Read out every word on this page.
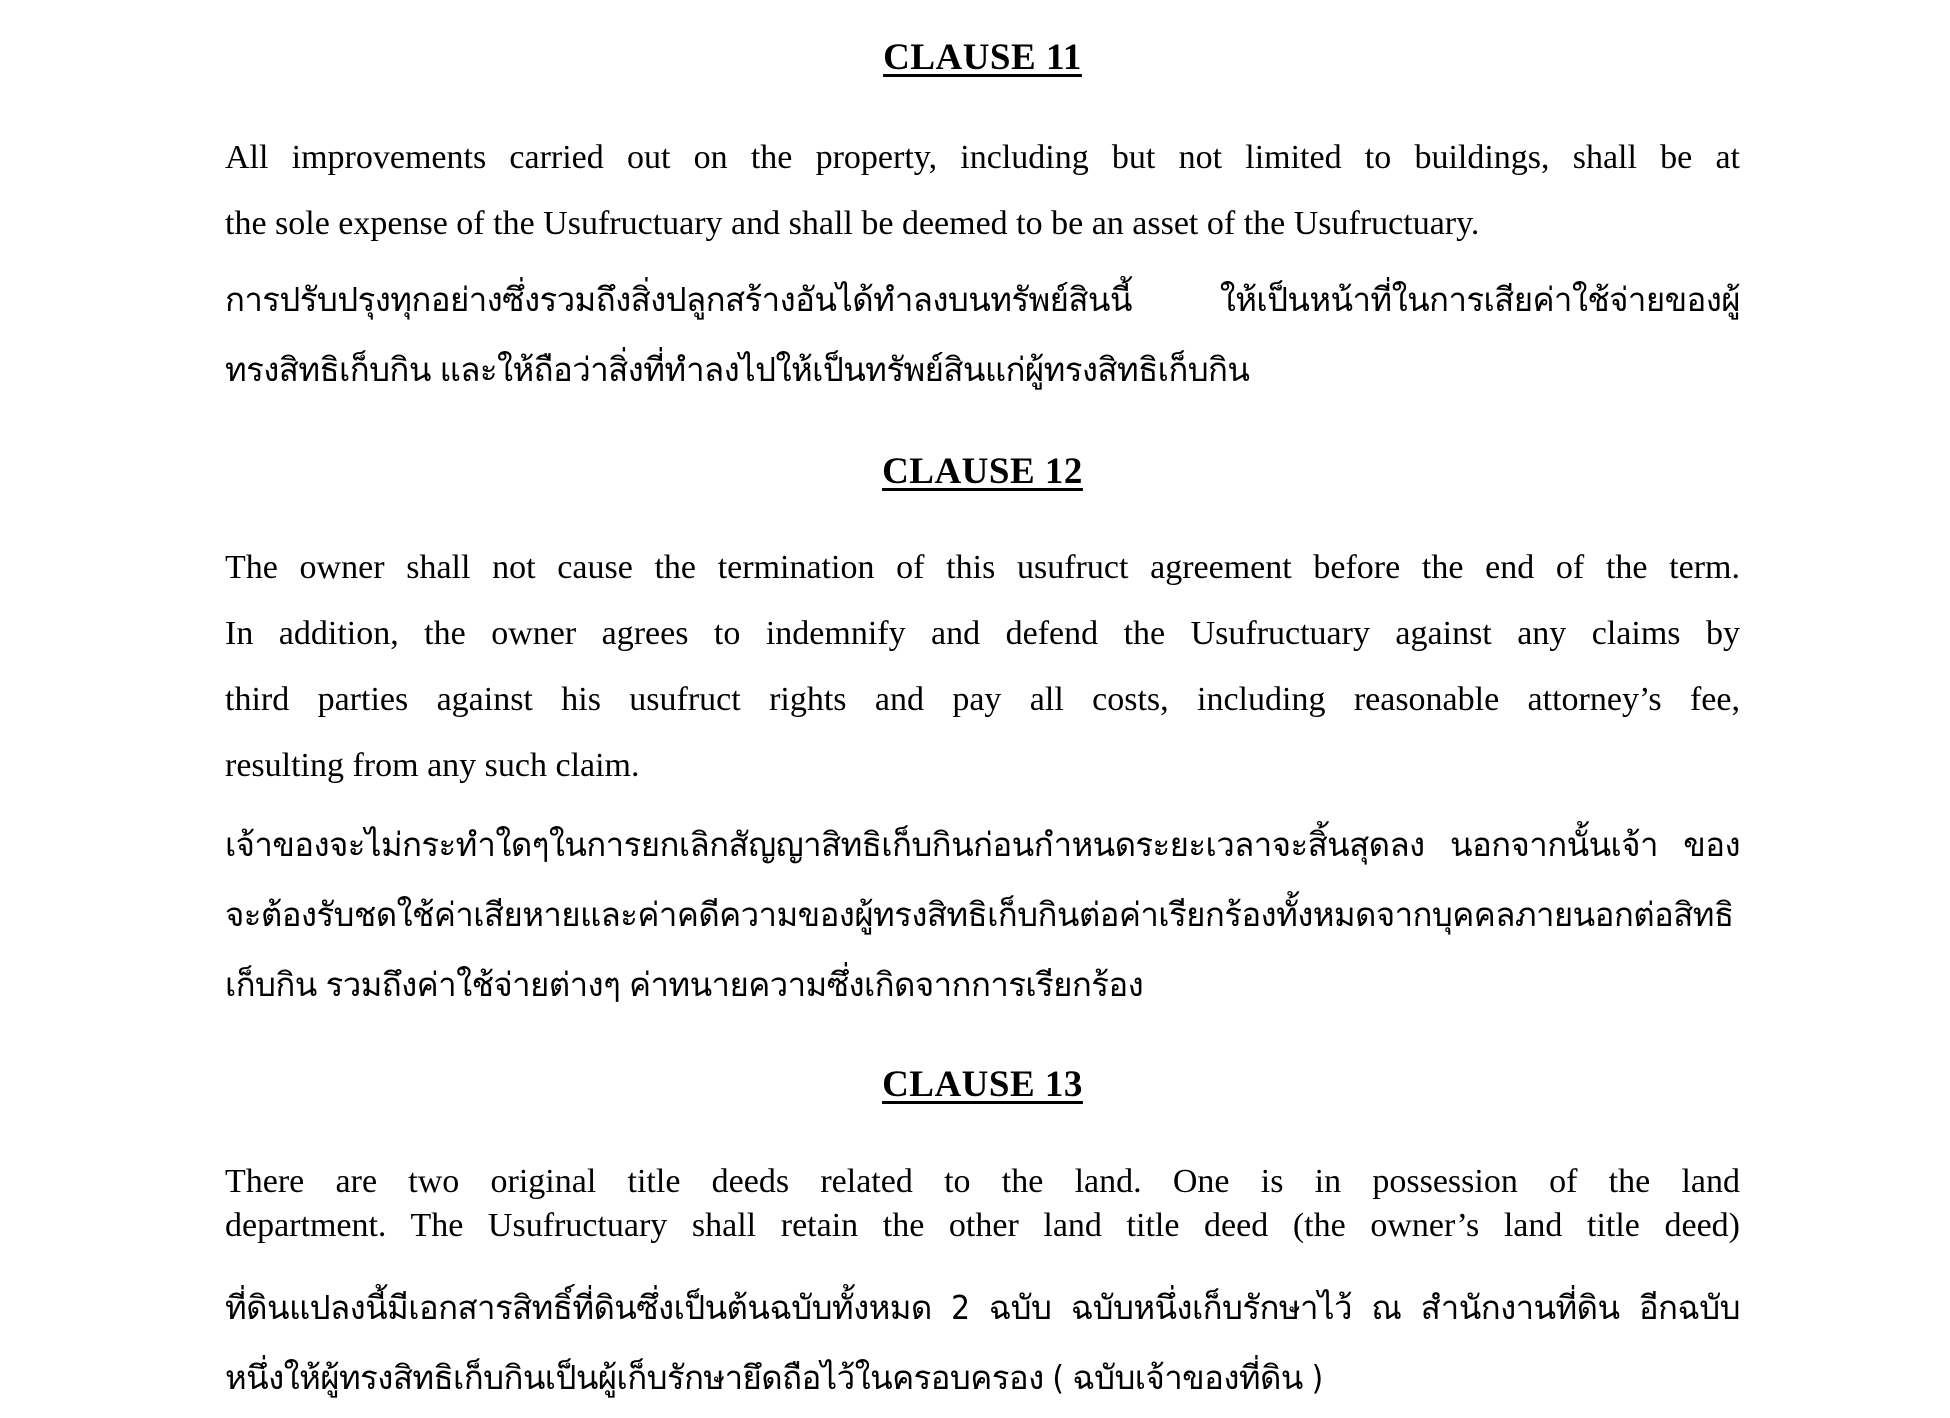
CLAUSE 11

All improvements carried out on the property, including but not limited to buildings, shall be at
the sole expense of the Usufructuary and shall be deemed to be an asset of the Usufructuary.

การปรับปรุงทุกอย่างซึ่งรวมถึงสิ่งปลูกสร้างอันได้ทำลงบนทรัพย์สินนี้ ให้เป็นหน้าที่ในการเสียค่าใช้จ่ายของผู้
ทรงสิทธิเก็บกิน และให้ถือว่าสิ่งที่ทำลงไปให้เป็นทรัพย์สินแก่ผู้ทรงสิทธิเก็บกิน

CLAUSE 12

The owner shall not cause the termination of this usufruct agreement before the end of the term.
In addition, the owner agrees to indemnify and defend the Usufructuary against any claims by
third parties against his usufruct rights and pay all costs, including reasonable attorney’s fee,
resulting from any such claim.

เจ้าของจะไม่กระทำใดๆในการยกเลิกสัญญาสิทธิเก็บกินก่อนกำหนดระยะเวลาจะสิ้นสุดลง นอกจากนั้นเจ้า ของ
จะต้องรับชดใช้ค่าเสียหายและค่าคดีความของผู้ทรงสิทธิเก็บกินต่อค่าเรียกร้องทั้งหมดจากบุคคลภายนอกต่อสิทธิ
เก็บกิน รวมถึงค่าใช้จ่ายต่างๆ ค่าทนายความซึ่งเกิดจากการเรียกร้อง

CLAUSE 13

There are two original title deeds related to the land. One is in possession of the land
department. The Usufructuary shall retain the other land title deed (the owner’s land title deed)

ที่ดินแปลงนี้มีเอกสารสิทธิ์ที่ดินซึ่งเป็นต้นฉบับทั้งหมด 2 ฉบับ ฉบับหนึ่งเก็บรักษาไว้ ณ สำนักงานที่ดิน อีกฉบับ
หนึ่งให้ผู้ทรงสิทธิเก็บกินเป็นผู้เก็บรักษายึดถือไว้ในครอบครอง ( ฉบับเจ้าของที่ดิน )
